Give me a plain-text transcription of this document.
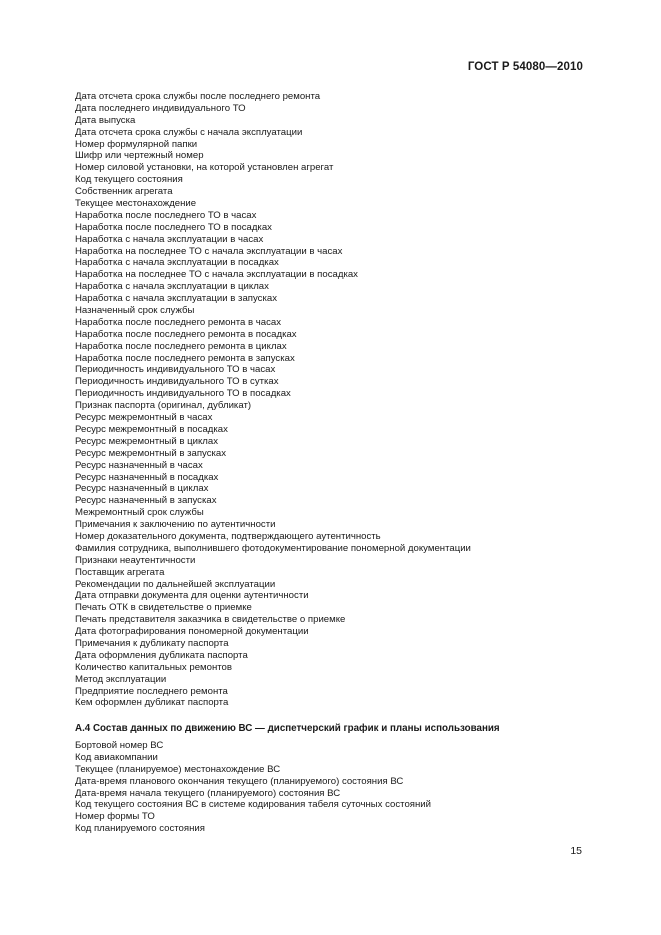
ГОСТ Р 54080—2010
Дата отсчета срока службы после последнего ремонта
Дата последнего индивидуального ТО
Дата выпуска
Дата отсчета срока службы с начала эксплуатации
Номер формулярной папки
Шифр или чертежный номер
Номер силовой установки, на которой установлен агрегат
Код текущего состояния
Собственник агрегата
Текущее местонахождение
Наработка после последнего ТО в часах
Наработка после последнего ТО в посадках
Наработка с начала эксплуатации в часах
Наработка на последнее ТО с начала эксплуатации в часах
Наработка с начала эксплуатации в посадках
Наработка на последнее ТО с начала эксплуатации в посадках
Наработка с начала эксплуатации в циклах
Наработка с начала эксплуатации в запусках
Назначенный срок службы
Наработка после последнего ремонта в часах
Наработка после последнего ремонта в посадках
Наработка после последнего ремонта в циклах
Наработка после последнего ремонта в запусках
Периодичность индивидуального ТО в часах
Периодичность индивидуального ТО в сутках
Периодичность индивидуального ТО в посадках
Признак паспорта (оригинал, дубликат)
Ресурс межремонтный в часах
Ресурс межремонтный в посадках
Ресурс межремонтный в циклах
Ресурс межремонтный в запусках
Ресурс назначенный в часах
Ресурс назначенный в посадках
Ресурс назначенный в циклах
Ресурс назначенный в запусках
Межремонтный срок службы
Примечания к заключению по аутентичности
Номер доказательного документа, подтверждающего аутентичность
Фамилия сотрудника, выполнившего фотодокументирование пономерной документации
Признаки неаутентичности
Поставщик агрегата
Рекомендации по дальнейшей эксплуатации
Дата отправки документа для оценки аутентичности
Печать ОТК в свидетельстве о приемке
Печать представителя заказчика в свидетельстве о приемке
Дата фотографирования пономерной документации
Примечания к дубликату паспорта
Дата оформления дубликата паспорта
Количество капитальных ремонтов
Метод эксплуатации
Предприятие последнего ремонта
Кем оформлен дубликат паспорта
А.4 Состав данных по движению ВС — диспетчерский график и планы использования
Бортовой номер ВС
Код авиакомпании
Текущее (планируемое) местонахождение ВС
Дата-время планового окончания текущего (планируемого) состояния ВС
Дата-время начала текущего (планируемого) состояния ВС
Код текущего состояния ВС в системе кодирования табеля суточных состояний
Номер формы ТО
Код планируемого состояния
15
